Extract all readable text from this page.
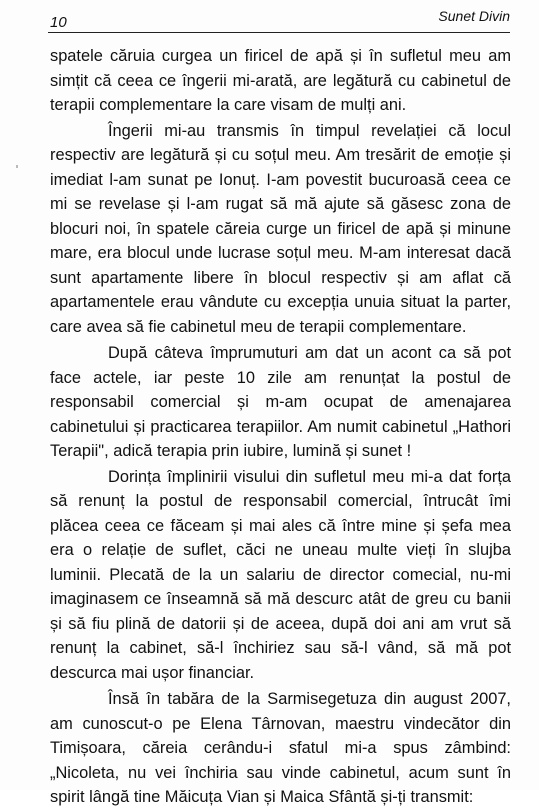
10	Sunet Divin

spatele căruia curgea un firicel de apă și în sufletul meu am simțit că ceea ce îngerii mi-arată, are legătură cu cabinetul de terapii complementare la care visam de mulți ani.

Îngerii mi-au transmis în timpul revelației că locul respectiv are legătură și cu soțul meu. Am tresărit de emoție și imediat l-am sunat pe Ionuț. I-am povestit bucuroasă ceea ce mi se revelase și l-am rugat să mă ajute să găsesc zona de blocuri noi, în spatele căreia curge un firicel de apă și minune mare, era blocul unde lucrase soțul meu. M-am interesat dacă sunt apartamente libere în blocul respectiv și am aflat că apartamentele erau vândute cu excepția unuia situat la parter, care avea să fie cabinetul meu de terapii complementare.

După câteva împrumuturi am dat un acont ca să pot face actele, iar peste 10 zile am renunțat la postul de responsabil comercial și m-am ocupat de amenajarea cabinetului și practicarea terapiilor. Am numit cabinetul „Hathori Terapii", adică terapia prin iubire, lumină și sunet !

Dorința împlinirii visului din sufletul meu mi-a dat forța să renunț la postul de responsabil comercial, întrucât îmi plăcea ceea ce făceam și mai ales că între mine și șefa mea era o relație de suflet, căci ne uneau multe vieți în slujba luminii. Plecată de la un salariu de director comecial, nu-mi imaginasem ce înseamnă să mă descurc atât de greu cu banii și să fiu plină de datorii și de aceea, după doi ani am vrut să renunț la cabinet, să-l închiriez sau să-l vând, să mă pot descurca mai ușor financiar.

Însă în tabăra de la Sarmisegetuza din august 2007, am cunoscut-o pe Elena Târnovan, maestru vindecător din Timișoara, căreia cerându-i sfatul mi-a spus zâmbind: „Nicoleta, nu vei închiria sau vinde cabinetul, acum sunt în spirit lângă tine Măicuța Vian și Maica Sfântă și-ți transmit:
